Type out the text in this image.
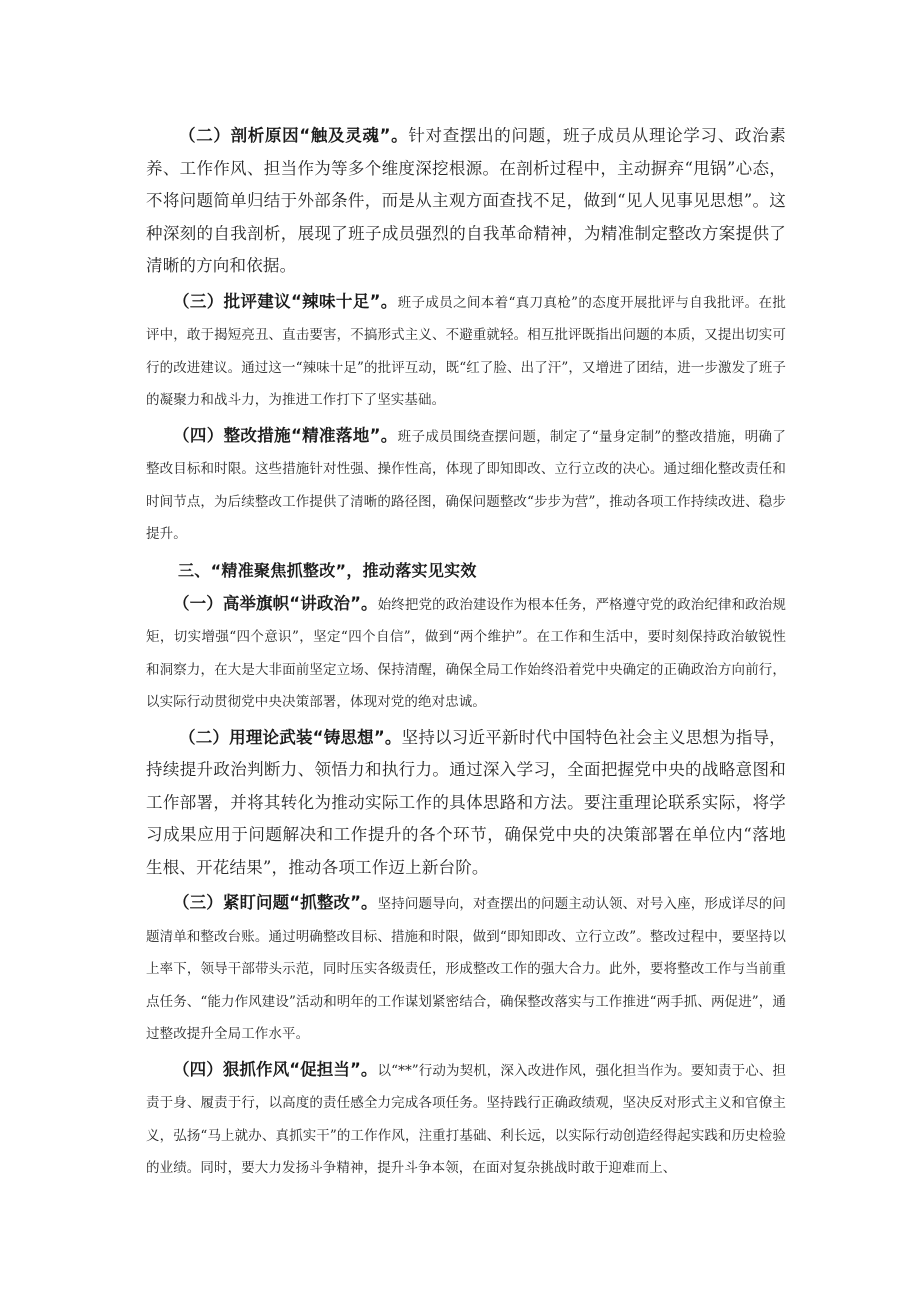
（二）剖析原因“触及灵魂”。针对查摆出的问题，班子成员从理论学习、政治素养、工作作风、担当作为等多个维度深挖根源。在剖析过程中，主动摒弃“甩锅”心态，不将问题简单归结于外部条件，而是从主观方面查找不足，做到“见人见事见思想”。这种深刻的自我剖析，展现了班子成员强烈的自我革命精神，为精准制定整改方案提供了清晰的方向和依据。

（三）批评建议“辣味十足”。班子成员之间本着“真刀真枪”的态度开展批评与自我批评。在批评中，敢于揭短亮丑、直击要害，不搞形式主义、不避重就轻。相互批评既指出问题的本质，又提出切实可行的改进建议。通过这一“辣味十足”的批评互动，既“红了脸、出了汗”，又增进了团结，进一步激发了班子的凝聚力和战斗力，为推进工作打下了坚实基础。

（四）整改措施“精准落地”。班子成员围绕查摆问题，制定了“量身定制”的整改措施，明确了整改目标和时限。这些措施针对性强、操作性高，体现了即知即改、立行立改的决心。通过细化整改责任和时间节点，为后续整改工作提供了清晰的路径图，确保问题整改“步步为营”，推动各项工作持续改进、稳步提升。

三、“精准聚焦抓整改”，推动落实见实效

（一）高举旗帜“讲政治”。始终把党的政治建设作为根本任务，严格遵守党的政治纪律和政治规矩，切实增强“四个意识”，坚定“四个自信”，做到“两个维护”。在工作和生活中，要时刻保持政治敏锐性和洞察力，在大是大非面前坚定立场、保持清醒，确保全局工作始终沿着党中央确定的正确政治方向前行，以实际行动贯彻党中央决策部署，体现对党的绝对忠诚。

（二）用理论武装“铸思想”。坚持以习近平新时代中国特色社会主义思想为指导，持续提升政治判断力、领悟力和执行力。通过深入学习，全面把握党中央的战略意图和工作部署，并将其转化为推动实际工作的具体思路和方法。要注重理论联系实际，将学习成果应用于问题解决和工作提升的各个环节，确保党中央的决策部署在单位内“落地生根、开花结果”，推动各项工作迈上新台阶。

（三）紧盯问题“抓整改”。坚持问题导向，对查摆出的问题主动认领、对号入座，形成详尽的问题清单和整改台账。通过明确整改目标、措施和时限，做到“即知即改、立行立改”。整改过程中，要坚持以上率下，领导干部带头示范，同时压实各级责任，形成整改工作的强大合力。此外，要将整改工作与当前重点任务、“能力作风建设”活动和明年的工作谋划紧密结合，确保整改落实与工作推进“两手抓、两促进”，通过整改提升全局工作水平。

（四）狠抓作风“促担当”。以“**”行动为契机，深入改进作风，强化担当作为。要知责于心、担责于身、履责于行，以高度的责任感全力完成各项任务。坚持践行正确政绩观，坚决反对形式主义和官僚主义，弘扬“马上就办、真抓实干”的工作作风，注重打基础、利长远，以实际行动创造经得起实践和历史检验的业绩。同时，要大力发扬斗争精神，提升斗争本领，在面对复杂挑战时敢于迎难而上、
